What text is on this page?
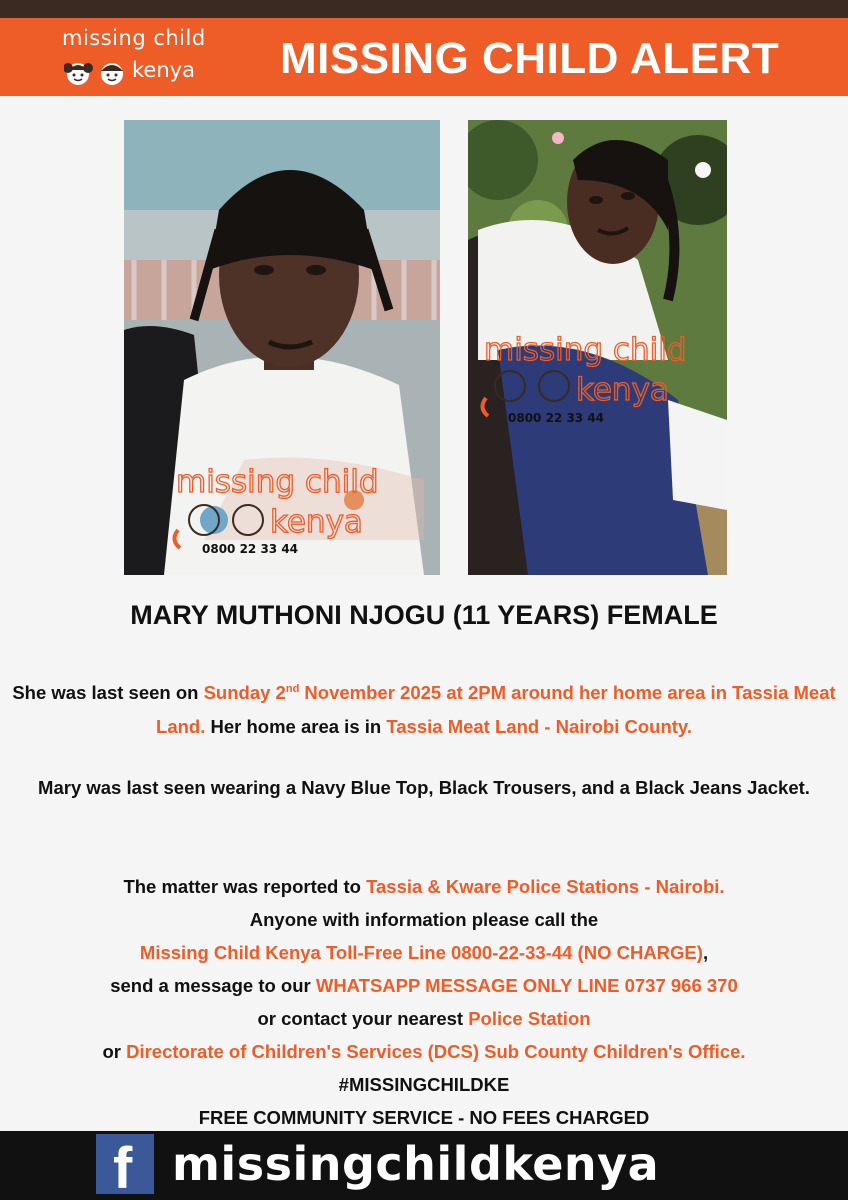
missing child
kenya MISSING CHILD ALERT
missing child
kenya
0800 22 33 44
missing child
kenya
0800 22 33 44
MARY MUTHONI NJOGU (11 YEARS) FEMALE
She was last seen on Sunday 2nd November 2025 at 2PM around her home area in Tassia Meat Land. Her home area is in Tassia Meat Land - Nairobi County.
Mary was last seen wearing a Navy Blue Top, Black Trousers, and a Black Jeans Jacket.
The matter was reported to Tassia & Kware Police Stations - Nairobi.
Anyone with information please call the
Missing Child Kenya Toll-Free Line 0800-22-33-44 (NO CHARGE),
send a message to our WHATSAPP MESSAGE ONLY LINE 0737 966 370
or contact your nearest Police Station
or Directorate of Children's Services (DCS) Sub County Children's Office.
#MISSINGCHILDKE
FREE COMMUNITY SERVICE - NO FEES CHARGED
f missingchildkenya
